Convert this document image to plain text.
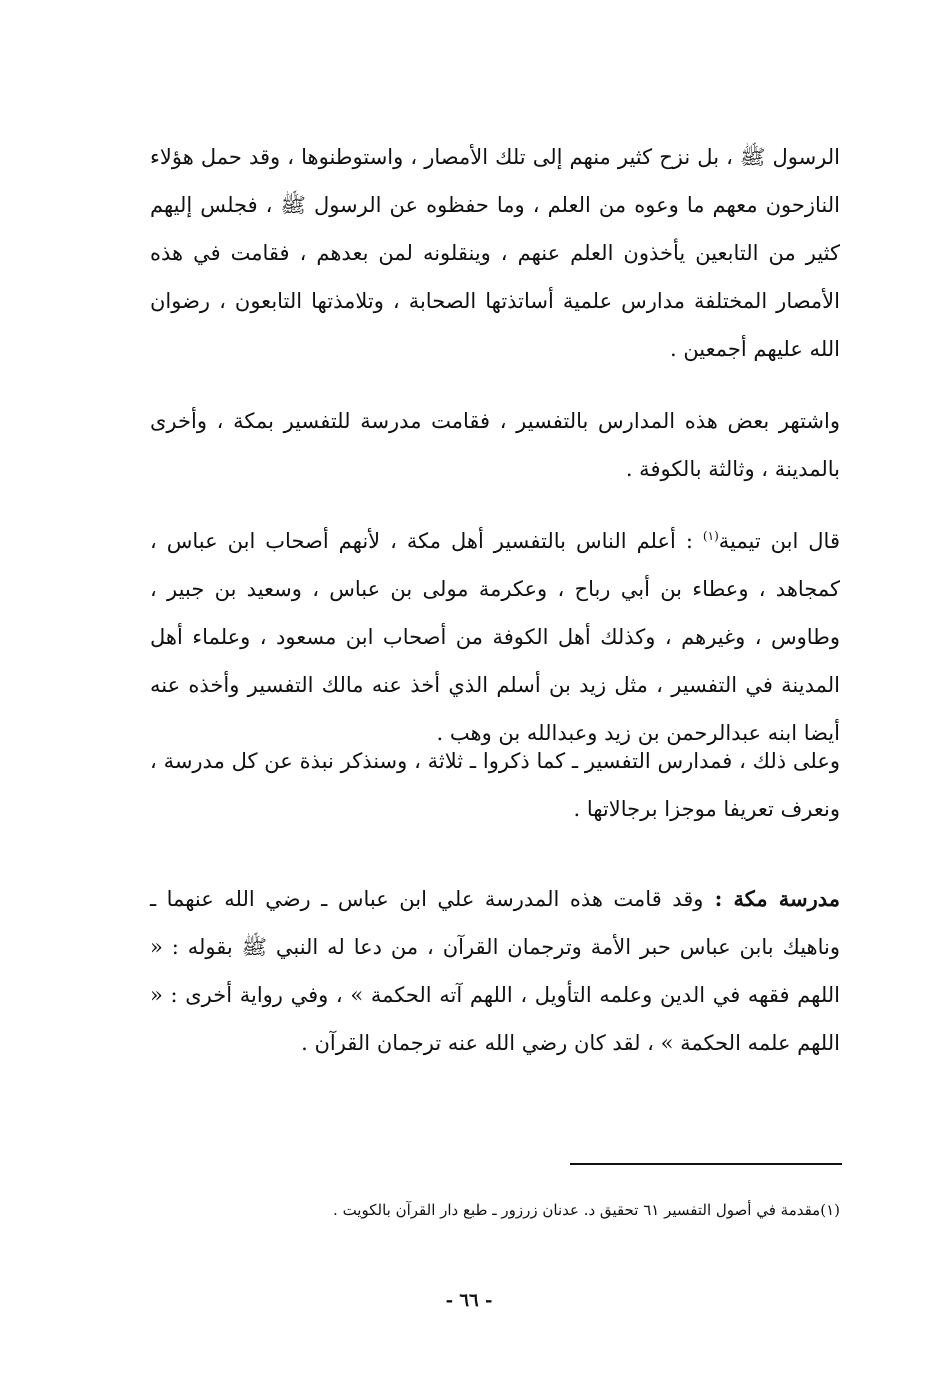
الرسول ﷺ ، بل نزح كثير منهم إلى تلك الأمصار ، واستوطنوها ، وقد حمل هؤلاء النازحون معهم ما وعوه من العلم ، وما حفظوه عن الرسول ﷺ ، فجلس إليهم كثير من التابعين يأخذون العلم عنهم ، وينقلونه لمن بعدهم ، فقامت في هذه الأمصار المختلفة مدارس علمية أساتذتها الصحابة ، وتلامذتها التابعون ، رضوان الله عليهم أجمعين .

واشتهر بعض هذه المدارس بالتفسير ، فقامت مدرسة للتفسير بمكة ، وأخرى بالمدينة ، وثالثة بالكوفة .

قال ابن تيمية$^{(١)}$ : أعلم الناس بالتفسير أهل مكة ، لأنهم أصحاب ابن عباس ، كمجاهد ، وعطاء بن أبي رباح ، وعكرمة مولى بن عباس ، وسعيد بن جبير ، وطاوس ، وغيرهم ، وكذلك أهل الكوفة من أصحاب ابن مسعود ، وعلماء أهل المدينة في التفسير ، مثل زيد بن أسلم الذي أخذ عنه مالك التفسير وأخذه عنه أيضا ابنه عبدالرحمن بن زيد وعبدالله بن وهب .

وعلى ذلك ، فمدارس التفسير ـ كما ذكروا ـ ثلاثة ، وسنذكر نبذة عن كل مدرسة ، ونعرف تعريفا موجزا برجالاتها .

مدرسة مكة : وقد قامت هذه المدرسة علي ابن عباس ـ رضي الله عنهما ـ وناهيك بابن عباس حبر الأمة وترجمان القرآن ، من دعا له النبي ﷺ بقوله : « اللهم فقهه في الدين وعلمه التأويل ، اللهم آته الحكمة » ، وفي رواية أخرى : « اللهم علمه الحكمة » ، لقد كان رضي الله عنه ترجمان القرآن .

(١)مقدمة في أصول التفسير ٦١ تحقيق د. عدنان زرزور ـ طبع دار القرآن بالكويت .

- ٦٦ -
